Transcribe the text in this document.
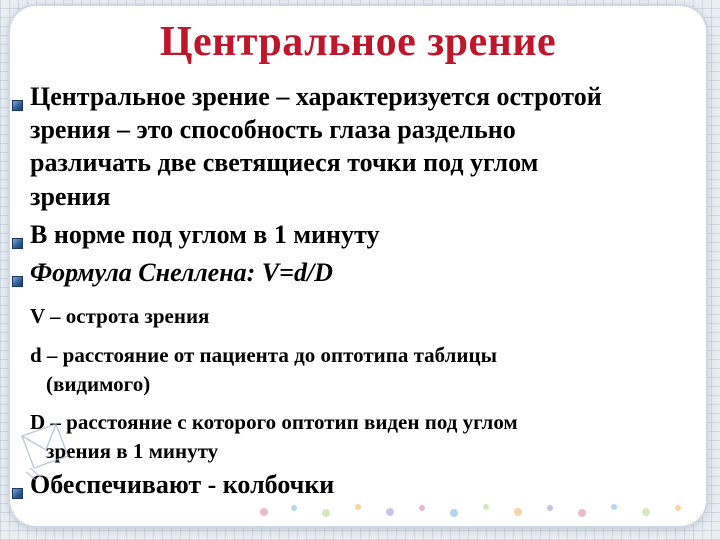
Центральное зрение
Центральное зрение – характеризуется остротой
зрения – это способность глаза раздельно
различать две светящиеся точки под углом
зрения
В норме под углом в 1 минуту
Формула Снеллена: V=d/D
V – острота зрения
d – расстояние от пациента до оптотипа таблицы
(видимого)
D – расстояние с которого оптотип виден под углом
зрения в 1 минуту
Обеспечивают - колбочки
